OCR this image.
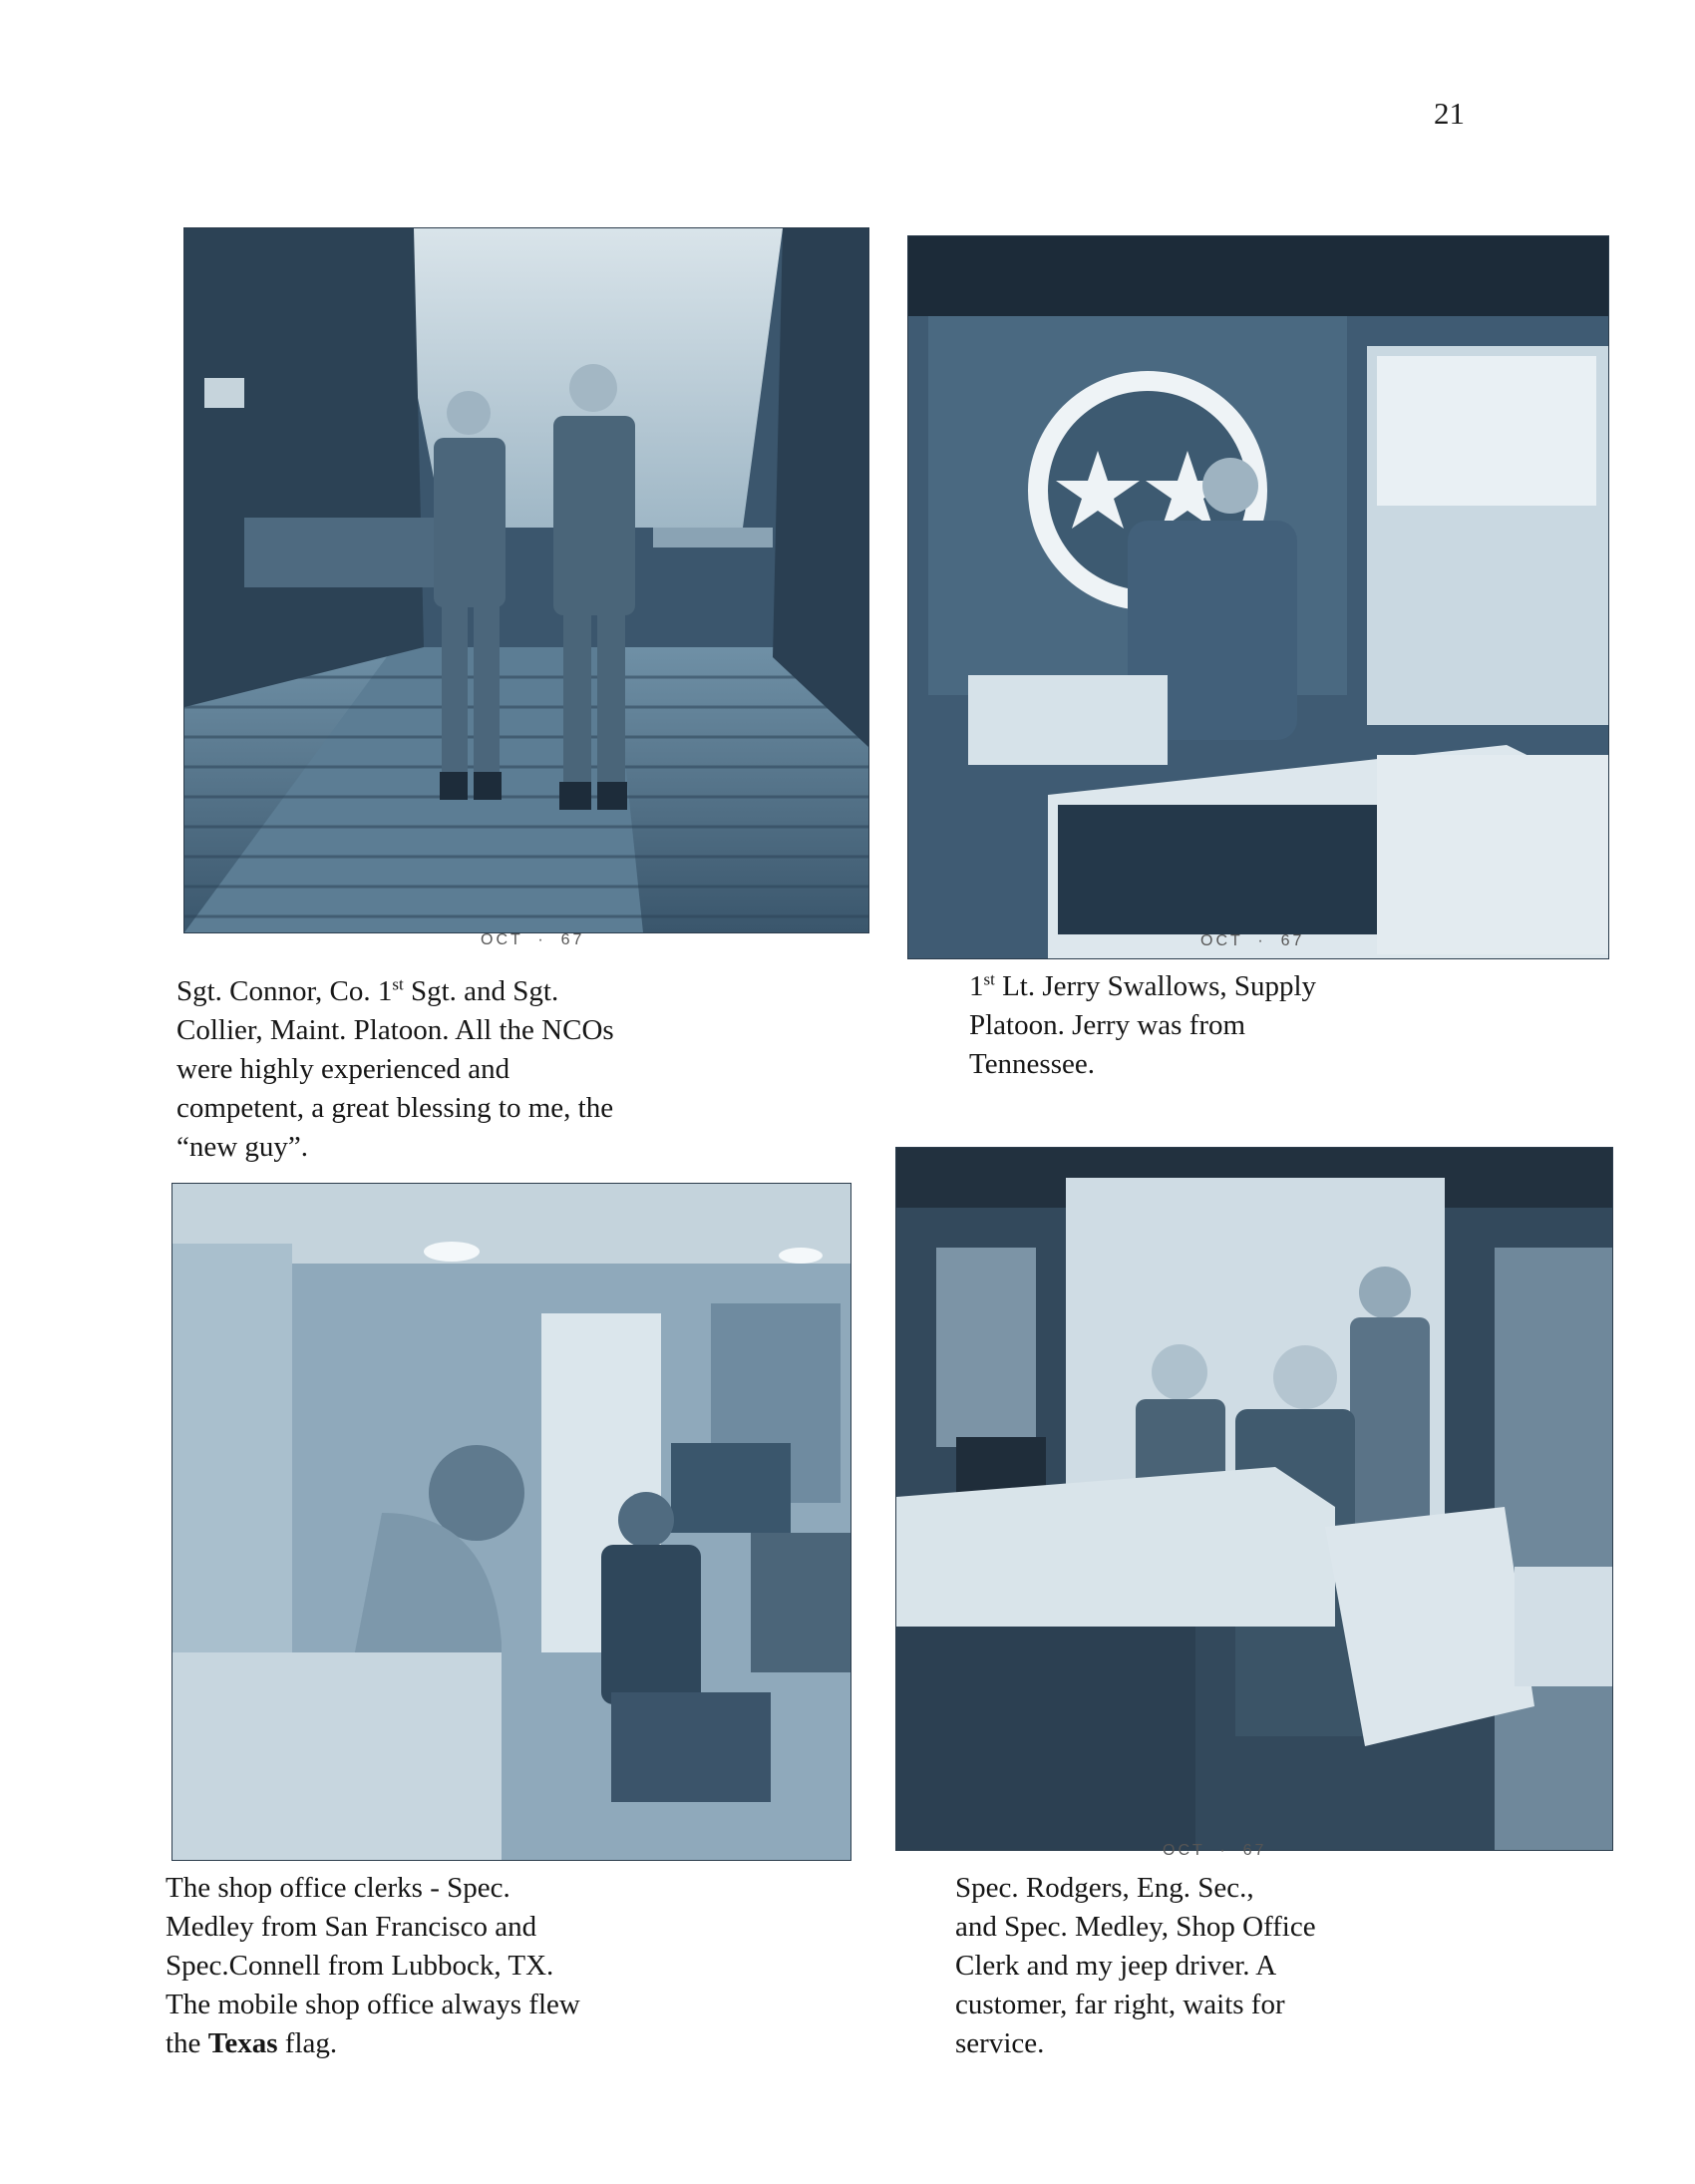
21
OCT  ·  67
Sgt. Connor, Co. 1st Sgt. and Sgt.
Collier, Maint. Platoon. All the NCOs
were highly experienced and
competent, a great blessing to me, the
“new guy”.
OCT  ·  67
1st Lt. Jerry Swallows, Supply
Platoon. Jerry was from
Tennessee.
The shop office clerks - Spec.
Medley from San Francisco and
Spec.Connell from Lubbock, TX.
The mobile shop office always flew
the Texas flag.
OCT  ·  67
Spec. Rodgers, Eng. Sec.,
and Spec. Medley, Shop Office
Clerk and my jeep driver. A
customer, far right, waits for
service.
